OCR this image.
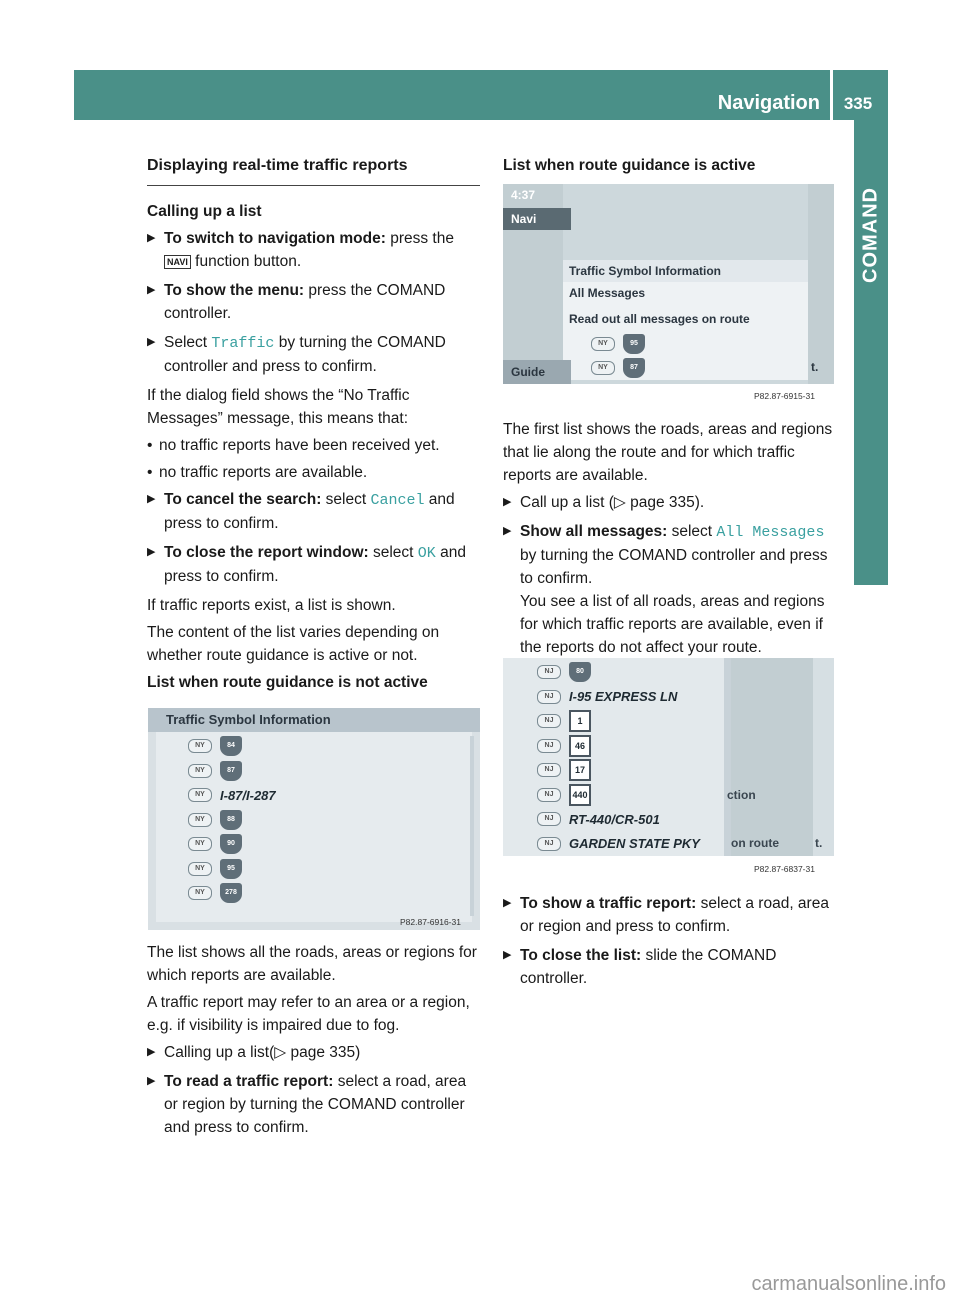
Navigation	335
COMAND
Displaying real-time traffic reports
Calling up a list
▶ To switch to navigation mode: press the
NAVI function button.
▶ To show the menu: press the COMAND controller.
▶ Select Traffic by turning the COMAND controller and press to confirm.

If the dialog field shows the “No Traffic Messages” message, this means that:

• no traffic reports have been received yet.
• no traffic reports are available.
▶ To cancel the search: select Cancel and press to confirm.
▶ To close the report window: select OK and press to confirm.

If traffic reports exist, a list is shown.

The content of the list varies depending on whether route guidance is active or not.

List when route guidance is not active
Traffic Symbol Information
NY	84
NY	87
NY	I-87/I-287
NY	88
NY	90
NY	95
NY	278
P82.87-6916-31

The list shows all the roads, areas or regions for which reports are available.

A traffic report may refer to an area or a region, e.g. if visibility is impaired due to fog.

▶ Calling up a list(▷ page 335)
▶ To read a traffic report: select a road, area or region by turning the COMAND controller and press to confirm.
List when route guidance is active
4:37
Navi
Traffic Symbol Information
All Messages
Read out all messages on route
NY	95
NY	87
Guide	t.
P82.87-6915-31

The first list shows the roads, areas and regions that lie along the route and for which traffic reports are available.

▶ Call up a list (▷ page 335).
▶ Show all messages: select All Messages by turning the COMAND controller and press to confirm.
You see a list of all roads, areas and regions for which traffic reports are available, even if the reports do not affect your route.
NJ	80
NJ	I-95 EXPRESS LN
NJ	1
NJ	46
NJ	17
NJ	440
NJ	RT-440/CR-501
NJ	GARDEN STATE PKY
ction
on route	t.
P82.87-6837-31
▶ To show a traffic report: select a road, area or region and press to confirm.
▶ To close the list: slide the COMAND controller.
carmanualsonline.info
